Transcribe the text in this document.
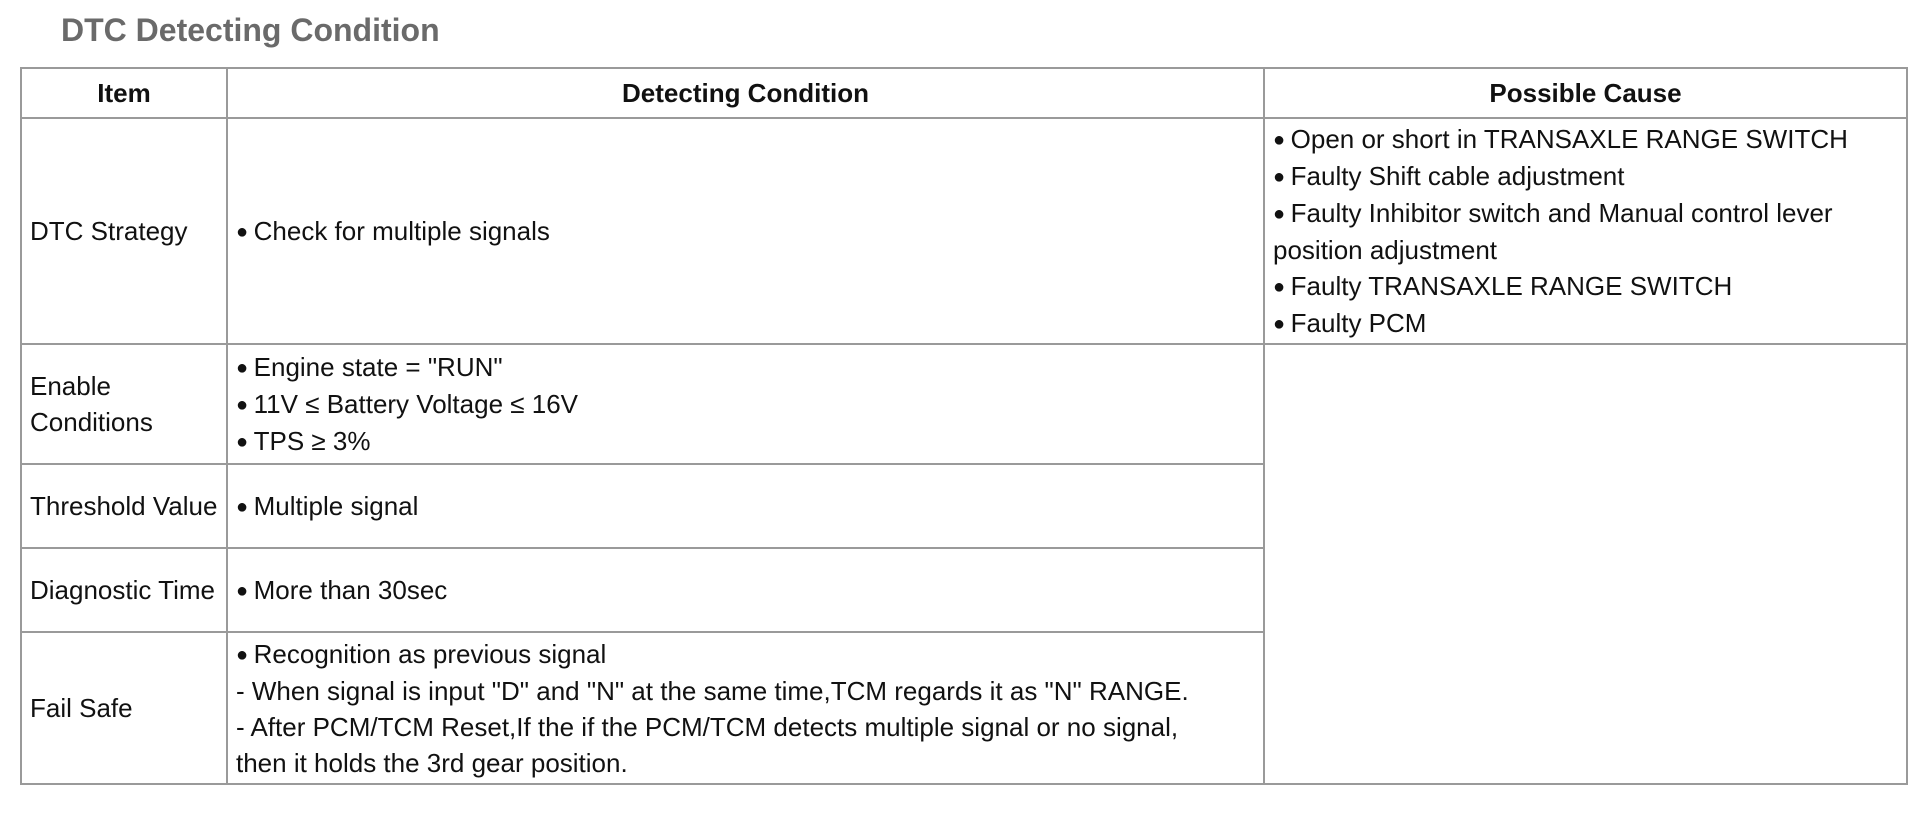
DTC Detecting Condition
Item	Detecting Condition	Possible Cause
DTC Strategy	● Check for multiple signals	● Open or short in TRANSAXLE RANGE SWITCH
● Faulty Shift cable adjustment
● Faulty Inhibitor switch and Manual control lever position adjustment
● Faulty TRANSAXLE RANGE SWITCH
● Faulty PCM

Enable Conditions	● Engine state = "RUN"
● 11V ≤ Battery Voltage ≤ 16V
● TPS ≥ 3%

Threshold Value	● Multiple signal

Diagnostic Time	● More than 30sec

Fail Safe	● Recognition as previous signal
- When signal is input "D" and "N" at the same time,TCM regards it as "N" RANGE.
- After PCM/TCM Reset,If the if the PCM/TCM detects multiple signal or no signal,
then it holds the 3rd gear position.
